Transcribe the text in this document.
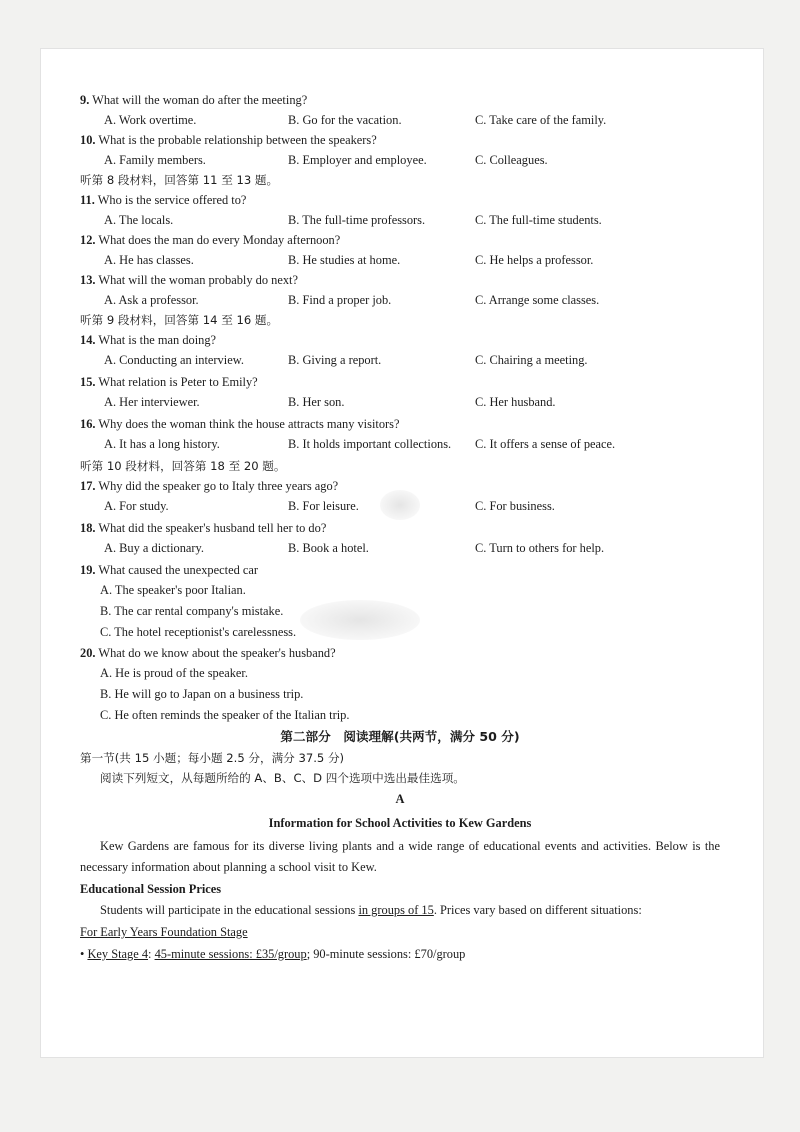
9. What will the woman do after the meeting?
A. Work overtime.	B. Go for the vacation.	C. Take care of the family.
10. What is the probable relationship between the speakers?
A. Family members.	B. Employer and employee.	C. Colleagues.
听第 8 段材料，回答第 11 至 13 题。
11. Who is the service offered to?
A. The locals.	B. The full-time professors.	C. The full-time students.
12. What does the man do every Monday afternoon?
A. He has classes.	B. He studies at home.	C. He helps a professor.
13. What will the woman probably do next?
A. Ask a professor.	B. Find a proper job.	C. Arrange some classes.
听第 9 段材料，回答第 14 至 16 题。
14. What is the man doing?
A. Conducting an interview.	B. Giving a report.	C. Chairing a meeting.
15. What relation is Peter to Emily?
A. Her interviewer.	B. Her son.	C. Her husband.
16. Why does the woman think the house attracts many visitors?
A. It has a long history.	B. It holds important collections. C. It offers a sense of peace.
听第 10 段材料，回答第 18 至 20 题。
17. Why did the speaker go to Italy three years ago?
A. For study.	B. For leisure.	C. For business.
18. What did the speaker's husband tell her to do?
A. Buy a dictionary.	B. Book a hotel.	C. Turn to others for help.
19. What caused the unexpected car
A. The speaker's poor Italian.
B. The car rental company's mistake.
C. The hotel receptionist's carelessness.
20. What do we know about the speaker's husband?
A. He is proud of the speaker.
B. He will go to Japan on a business trip.
C. He often reminds the speaker of the Italian trip.
第二部分　阅读理解(共两节，满分 50 分)
第一节(共 15 小题；每小题 2.5 分，满分 37.5 分)
阅读下列短文，从每题所给的 A、B、C、D 四个选项中选出最佳选项。
A
Information for School Activities to Kew Gardens
Kew Gardens are famous for its diverse living plants and a wide range of educational events and activities. Below is the necessary information about planning a school visit to Kew.
Educational Session Prices
Students will participate in the educational sessions in groups of 15. Prices vary based on different situations:
For Early Years Foundation Stage
• Key Stage 4: 45-minute sessions: £35/group; 90-minute sessions: £70/group
